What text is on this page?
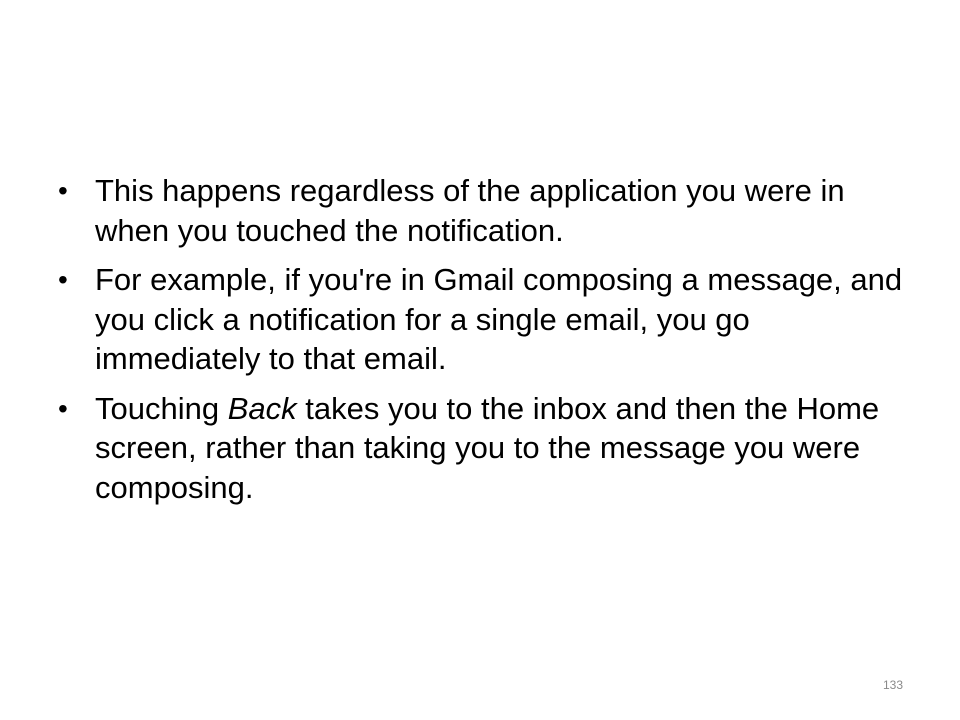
• This happens regardless of the application you were in when you touched the notification.
• For example, if you're in Gmail composing a message, and you click a notification for a single email, you go immediately to that email.
• Touching Back takes you to the inbox and then the Home screen, rather than taking you to the message you were composing.
133
